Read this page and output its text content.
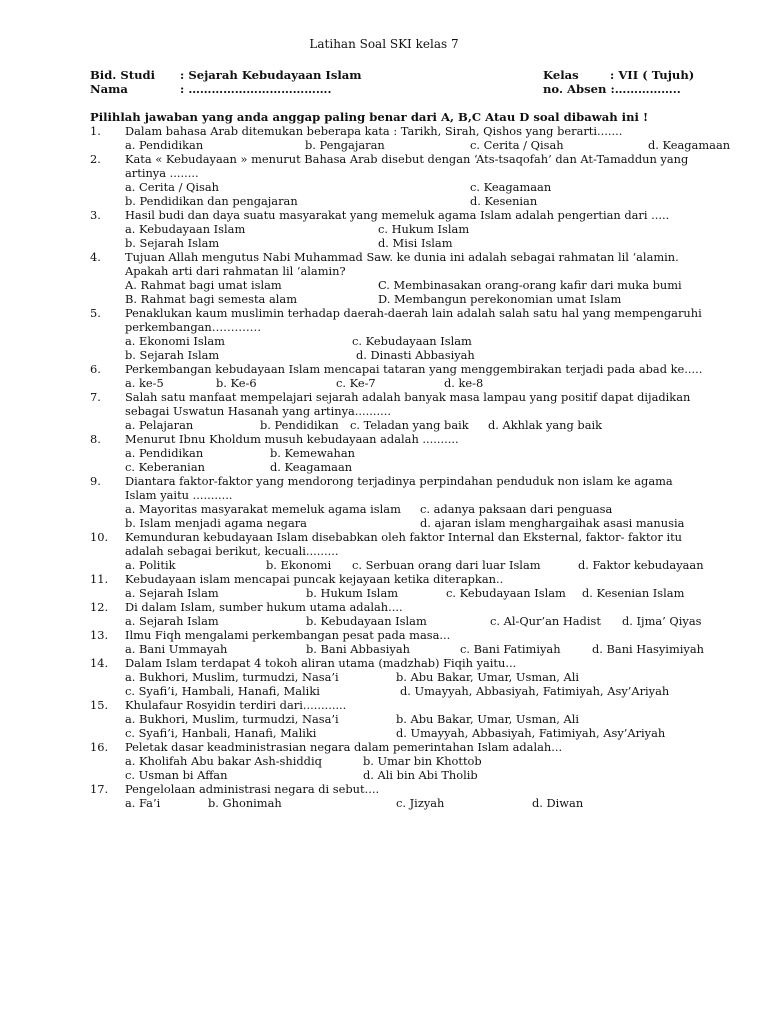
Latihan Soal SKI kelas 7
Bid. Studi : Sejarah Kebudayaan Islam
Nama	: ……………………………….
Kelas	: VII ( Tujuh)
no. Absen :……………..
Pilihlah jawaban yang anda anggap paling benar dari A, B,C Atau D soal dibawah ini !
1. Dalam bahasa Arab ditemukan beberapa kata : Tarikh, Sirah, Qishos yang berarti.......
a. Pendidikan	b. Pengajaran	c. Cerita / Qisah	d. Keagamaan
2. Kata « Kebudayaan » menurut Bahasa Arab disebut dengan ‘Ats-tsaqofah’ dan At-Tamaddun yang
artinya ........
a. Cerita / Qisah	c. Keagamaan
b. Pendidikan dan pengajaran	d. Kesenian
3. Hasil budi dan daya suatu masyarakat yang memeluk agama Islam adalah pengertian dari .....
a. Kebudayaan Islam	c. Hukum Islam
b. Sejarah Islam	d. Misi Islam
4. Tujuan Allah mengutus Nabi Muhammad Saw. ke dunia ini adalah sebagai rahmatan lil ‘alamin.
Apakah arti dari rahmatan lil ‘alamin?
A. Rahmat bagi umat islam	C. Membinasakan orang-orang kafir dari muka bumi
B. Rahmat bagi semesta alam	D. Membangun perekonomian umat Islam
5. Penaklukan kaum muslimin terhadap daerah-daerah lain adalah salah satu hal yang mempengaruhi
perkembangan………….
a. Ekonomi Islam	c. Kebudayaan Islam
b. Sejarah Islam	d. Dinasti Abbasiyah
6. Perkembangan kebudayaan Islam mencapai tataran yang menggembirakan terjadi pada abad ke.....
a. ke-5	b. Ke-6	c. Ke-7	d. ke-8
7. Salah satu manfaat mempelajari sejarah adalah banyak masa lampau yang positif dapat dijadikan
sebagai Uswatun Hasanah yang artinya..........
a. Pelajaran	b. Pendidikan c. Teladan yang baik d. Akhlak yang baik
8. Menurut Ibnu Kholdum musuh kebudayaan adalah ..........
a. Pendidikan	b. Kemewahan
c. Keberanian	d. Keagamaan
9. Diantara faktor-faktor yang mendorong terjadinya perpindahan penduduk non islam ke agama
Islam yaitu ...........
a. Mayoritas masyarakat memeluk agama islam c. adanya paksaan dari penguasa
b. Islam menjadi agama negara	d. ajaran islam menghargaihak asasi manusia
10. Kemunduran kebudayaan Islam disebabkan oleh faktor Internal dan Eksternal, faktor- faktor itu
adalah sebagai berikut, kecuali.........
a. Politik	b. Ekonomi c. Serbuan orang dari luar Islam	d. Faktor kebudayaan
11. Kebudayaan islam mencapai puncak kejayaan ketika diterapkan..
a. Sejarah Islam	b. Hukum Islam	c. Kebudayaan Islam d. Kesenian Islam
12. Di dalam Islam, sumber hukum utama adalah....
a. Sejarah Islam	b. Kebudayaan Islam	c. Al-Qur’an Hadist d. Ijma’ Qiyas
13. Ilmu Fiqh mengalami perkembangan pesat pada masa...
a. Bani Ummayah	b. Bani Abbasiyah	c. Bani Fatimiyah	d. Bani Hasyimiyah
14. Dalam Islam terdapat 4 tokoh aliran utama (madzhab) Fiqih yaitu...
a. Bukhori, Muslim, turmudzi, Nasa’i	b. Abu Bakar, Umar, Usman, Ali
c. Syafi’i, Hambali, Hanafi, Maliki	d. Umayyah, Abbasiyah, Fatimiyah, Asy’Ariyah
15. Khulafaur Rosyidin terdiri dari............
a. Bukhori, Muslim, turmudzi, Nasa’i	b. Abu Bakar, Umar, Usman, Ali
c. Syafi’i, Hanbali, Hanafi, Maliki	d. Umayyah, Abbasiyah, Fatimiyah, Asy’Ariyah
16. Peletak dasar keadministrasian negara dalam pemerintahan Islam adalah...
a. Kholifah Abu bakar Ash-shiddiq	b. Umar bin Khottob
c. Usman bi Affan	d. Ali bin Abi Tholib
17. Pengelolaan administrasi negara di sebut....
a. Fa’i	b. Ghonimah	c. Jizyah	d. Diwan
